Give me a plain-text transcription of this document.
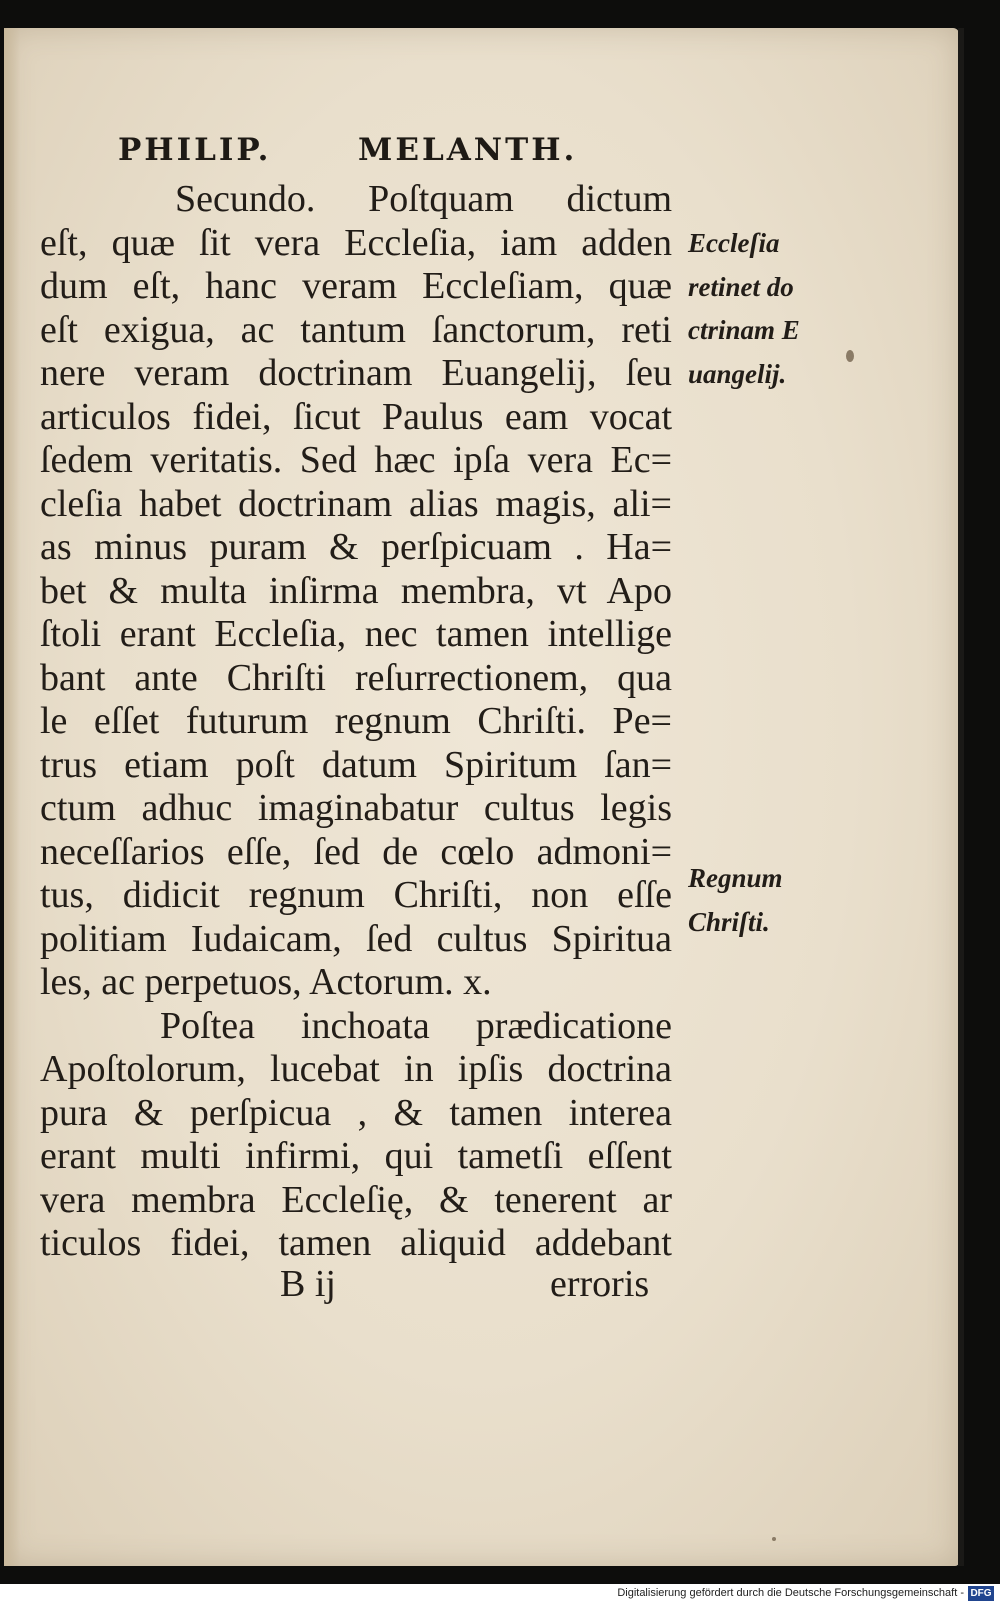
PHILIP.	MELANTH.
Secundo. Poſtquam dictum
eſt, quæ ſit vera Eccleſia, iam adden
dum eſt, hanc veram Eccleſiam, quæ
eſt exigua, ac tantum ſanctorum, reti
nere veram doctrinam Euangelij, ſeu
articulos fidei, ſicut Paulus eam vocat
ſedem veritatis. Sed hæc ipſa vera Ec=
cleſia habet doctrinam alias magis, ali=
as minus puram & perſpicuam . Ha=
bet & multa inſirma membra, vt Apo
ſtoli erant Eccleſia, nec tamen intellige
bant ante Chriſti reſurrectionem, qua
le eſſet futurum regnum Chriſti. Pe=
trus etiam poſt datum Spiritum ſan=
ctum adhuc imaginabatur cultus legis
neceſſarios eſſe, ſed de cœlo admoni=
tus, didicit regnum Chriſti, non eſſe
politiam Iudaicam, ſed cultus Spiritua
les, ac perpetuos, Actorum. x.
Poſtea inchoata prædicatione
Apoſtolorum, lucebat in ipſis doctrina
pura & perſpicua , & tamen interea
erant multi infirmi, qui tametſi eſſent
vera membra Eccleſię, & tenerent ar
ticulos fidei, tamen aliquid addebant
B ij	erroris
Eccleſia
retinet do
ctrinam E
uangelij.
Regnum
Chriſti.
Digitalisierung gefördert durch die Deutsche Forschungsgemeinschaft - DFG
